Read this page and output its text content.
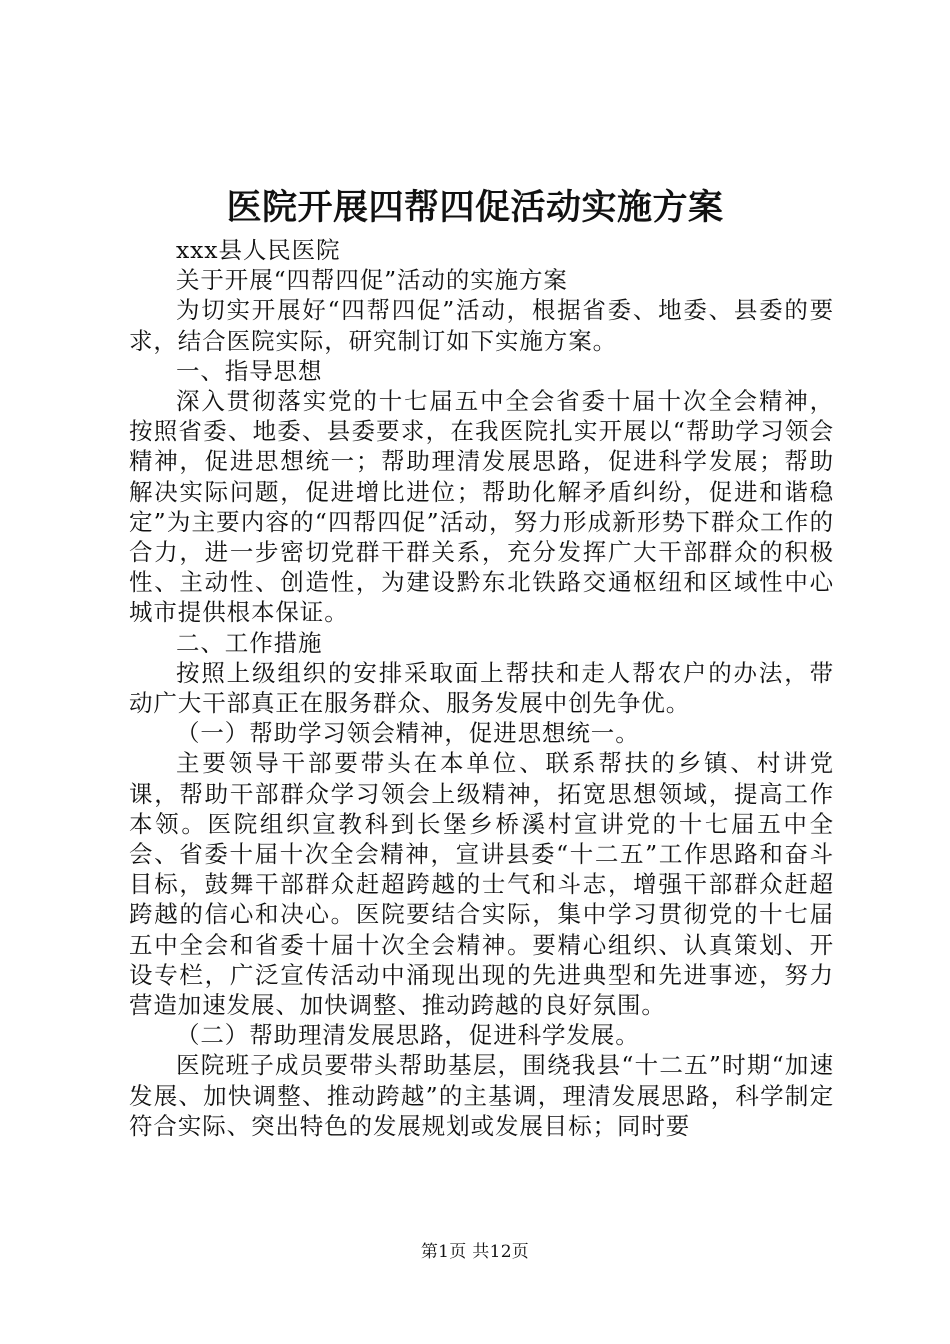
医院开展四帮四促活动实施方案

xxx县人民医院

关于开展“四帮四促”活动的实施方案

为切实开展好“四帮四促”活动，根据省委、地委、县委的要求，结合医院实际，研究制订如下实施方案。

一、指导思想

深入贯彻落实党的十七届五中全会省委十届十次全会精神，按照省委、地委、县委要求，在我医院扎实开展以“帮助学习领会精神，促进思想统一；帮助理清发展思路，促进科学发展；帮助解决实际问题，促进增比进位；帮助化解矛盾纠纷，促进和谐稳定”为主要内容的“四帮四促”活动，努力形成新形势下群众工作的合力，进一步密切党群干群关系，充分发挥广大干部群众的积极性、主动性、创造性，为建设黔东北铁路交通枢纽和区域性中心城市提供根本保证。

二、工作措施

按照上级组织的安排采取面上帮扶和走人帮农户的办法，带动广大干部真正在服务群众、服务发展中创先争优。

（一）帮助学习领会精神，促进思想统一。

主要领导干部要带头在本单位、联系帮扶的乡镇、村讲党课，帮助干部群众学习领会上级精神，拓宽思想领域，提高工作本领。医院组织宣教科到长堡乡桥溪村宣讲党的十七届五中全会、省委十届十次全会精神，宣讲县委“十二五”工作思路和奋斗目标，鼓舞干部群众赶超跨越的士气和斗志，增强干部群众赶超跨越的信心和决心。医院要结合实际，集中学习贯彻党的十七届五中全会和省委十届十次全会精神。要精心组织、认真策划、开设专栏，广泛宣传活动中涌现出现的先进典型和先进事迹，努力营造加速发展、加快调整、推动跨越的良好氛围。

（二）帮助理清发展思路，促进科学发展。

医院班子成员要带头帮助基层，围绕我县“十二五”时期“加速发展、加快调整、推动跨越”的主基调，理清发展思路，科学制定符合实际、突出特色的发展规划或发展目标；同时要

第1页 共12页
